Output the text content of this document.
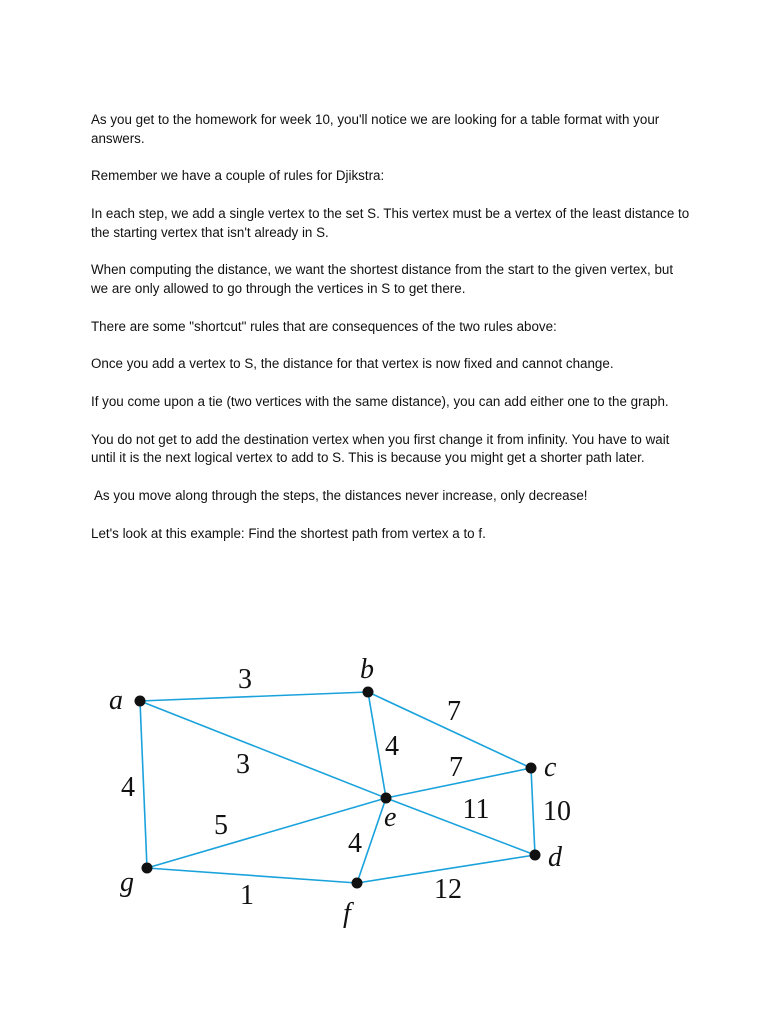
As you get to the homework for week 10, you'll notice we are looking for a table format with your answers.

Remember we have a couple of rules for Djikstra:

In each step, we add a single vertex to the set S. This vertex must be a vertex of the least distance to the starting vertex that isn't already in S.

When computing the distance, we want the shortest distance from the start to the given vertex, but we are only allowed to go through the vertices in S to get there.

There are some "shortcut" rules that are consequences of the two rules above:

Once you add a vertex to S, the distance for that vertex is now fixed and cannot change.

If you come upon a tie (two vertices with the same distance), you can add either one to the graph.

You do not get to add the destination vertex when you first change it from infinity. You have to wait until it is the next logical vertex to add to S. This is because you might get a shorter path later.

As you move along through the steps, the distances never increase, only decrease!

Let's look at this example: Find the shortest path from vertex a to f.

3
3
4
7
4
7
11 10
5
4
1	12
a
b
c
d
e
f
g
